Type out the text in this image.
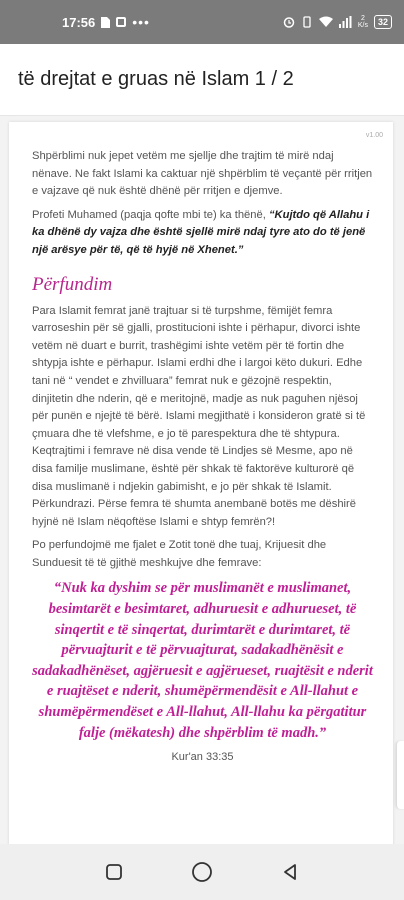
17:56	•••	2
K/s	32
të drejtat e gruas në Islam 1 / 2
v1.00

Shpërblimi nuk jepet vetëm me sjellje dhe trajtim të mirë ndaj nënave. Ne fakt Islami ka caktuar një shpërblim të veçantë për rritjen e vajzave që nuk është dhënë për rritjen e djemve.

Profeti Muhamed (paqja qofte mbi te) ka thënë, “Kujtdo që Allahu i ka dhënë dy vajza dhe është sjellë mirë ndaj tyre ato do të jenë një arësye për të, që të hyjë në Xhenet.”

Përfundim

Para Islamit femrat janë trajtuar si të turpshme, fëmijët femra varroseshin për së gjalli, prostitucioni ishte i përhapur, divorci ishte vetëm në duart e burrit, trashëgimi ishte vetëm për të fortin dhe shtypja ishte e përhapur. Islami erdhi dhe i largoi këto dukuri. Edhe tani në “ vendet e zhvilluara” femrat nuk e gëzojnë respektin, dinjitetin dhe nderin, që e meritojnë, madje as nuk paguhen njësoj për punën e njejtë të bërë. Islami megjithatë i konsideron gratë si të çmuara dhe të vlefshme, e jo të parespektura dhe të shtypura. Keqtrajtimi i femrave në disa vende të Lindjes së Mesme, apo në disa familje muslimane, është për shkak të faktorëve kulturorë që disa muslimanë i ndjekin gabimisht, e jo për shkak të Islamit. Përkundrazi. Përse femra të shumta anembanë botës me dëshirë hyjnë në Islam nëqoftëse Islami e shtyp femrën?!

Po perfundojmë me fjalet e Zotit tonë dhe tuaj, Krijuesit dhe Sunduesit të të gjithë meshkujve dhe femrave:

“Nuk ka dyshim se për muslimanët e muslimanet, besimtarët e besimtaret, adhuruesit e adhurueset, të sinqertit e të sinqertat, durimtarët e durimtaret, të përvuajturit e të përvuajturat, sadakadhënësit e sadakadhënëset, agjëruesit e agjërueset, ruajtësit e nderit e ruajtëset e nderit, shumëpërmendësit e All-llahut e shumëpërmendëset e All-llahut, All-llahu ka përgatitur falje (mëkatesh) dhe shpërblim të madh.”
Kur'an 33:35
